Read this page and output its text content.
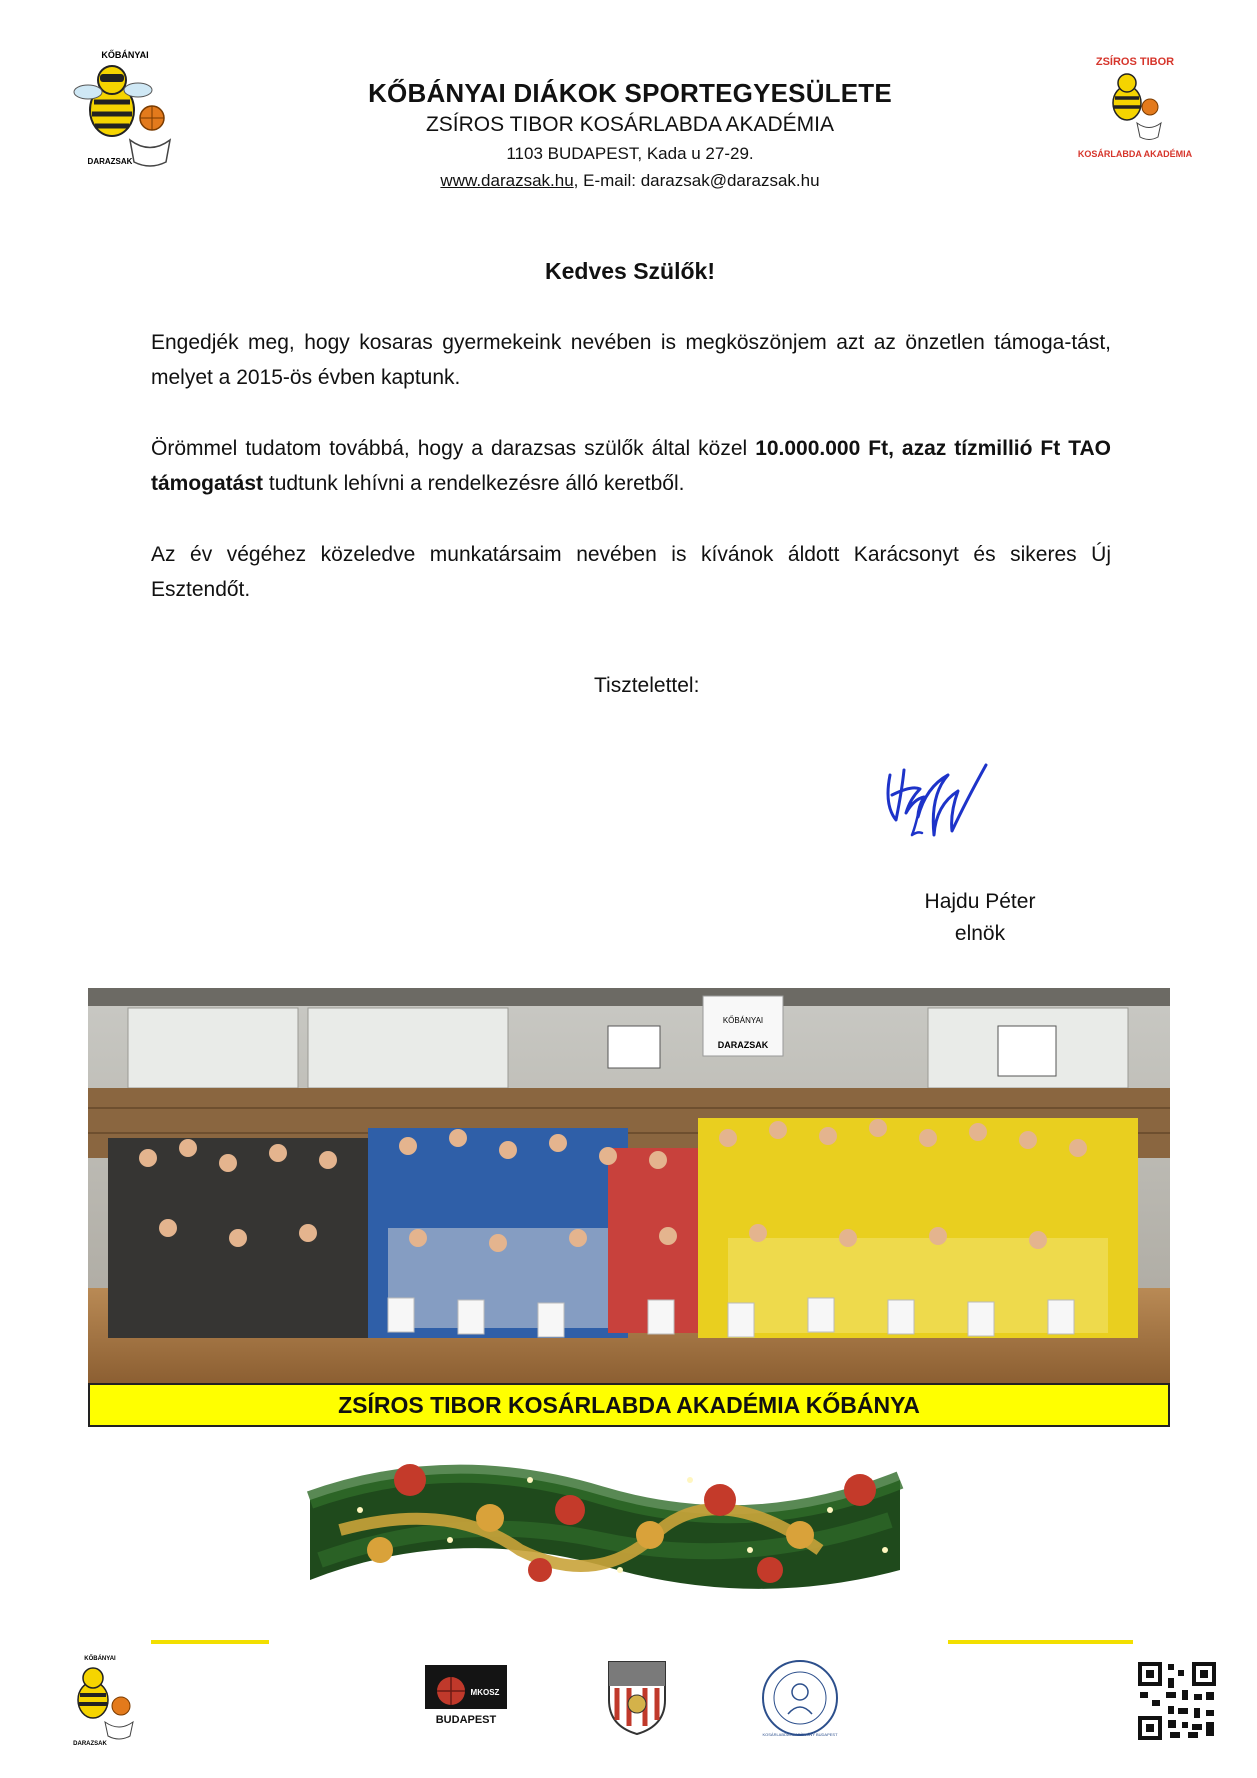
KŐBÁNYAI
DARAZSAK
ZSÍROS TIBOR
KOSÁRLABDA AKADÉMIA
KŐBÁNYAI DIÁKOK SPORTEGYESÜLETE
ZSÍROS TIBOR KOSÁRLABDA AKADÉMIA
1103 BUDAPEST, Kada u 27-29.
www.darazsak.hu, E-mail: darazsak@darazsak.hu
Kedves Szülők!
Engedjék meg, hogy kosaras gyermekeink nevében is megköszönjem azt az önzetlen támoga-tást, melyet a 2015-ös évben kaptunk.
Örömmel tudatom továbbá, hogy a darazsas szülők által közel 10.000.000 Ft, azaz tízmillió Ft TAO támogatást tudtunk lehívni a rendelkezésre álló keretből.
Az év végéhez közeledve munkatársaim nevében is kívánok áldott Karácsonyt és sikeres Új Esztendőt.
Tisztelettel:
Hajdu Péter
elnök
KŐBÁNYAI
DARAZSAK
ZSÍROS TIBOR KOSÁRLABDA AKADÉMIA KŐBÁNYA
KŐBÁNYAI
DARAZSAK
MKOSZ
BUDAPEST
KOSÁRLABDA ALAPÍTVÁNY BUDAPEST
